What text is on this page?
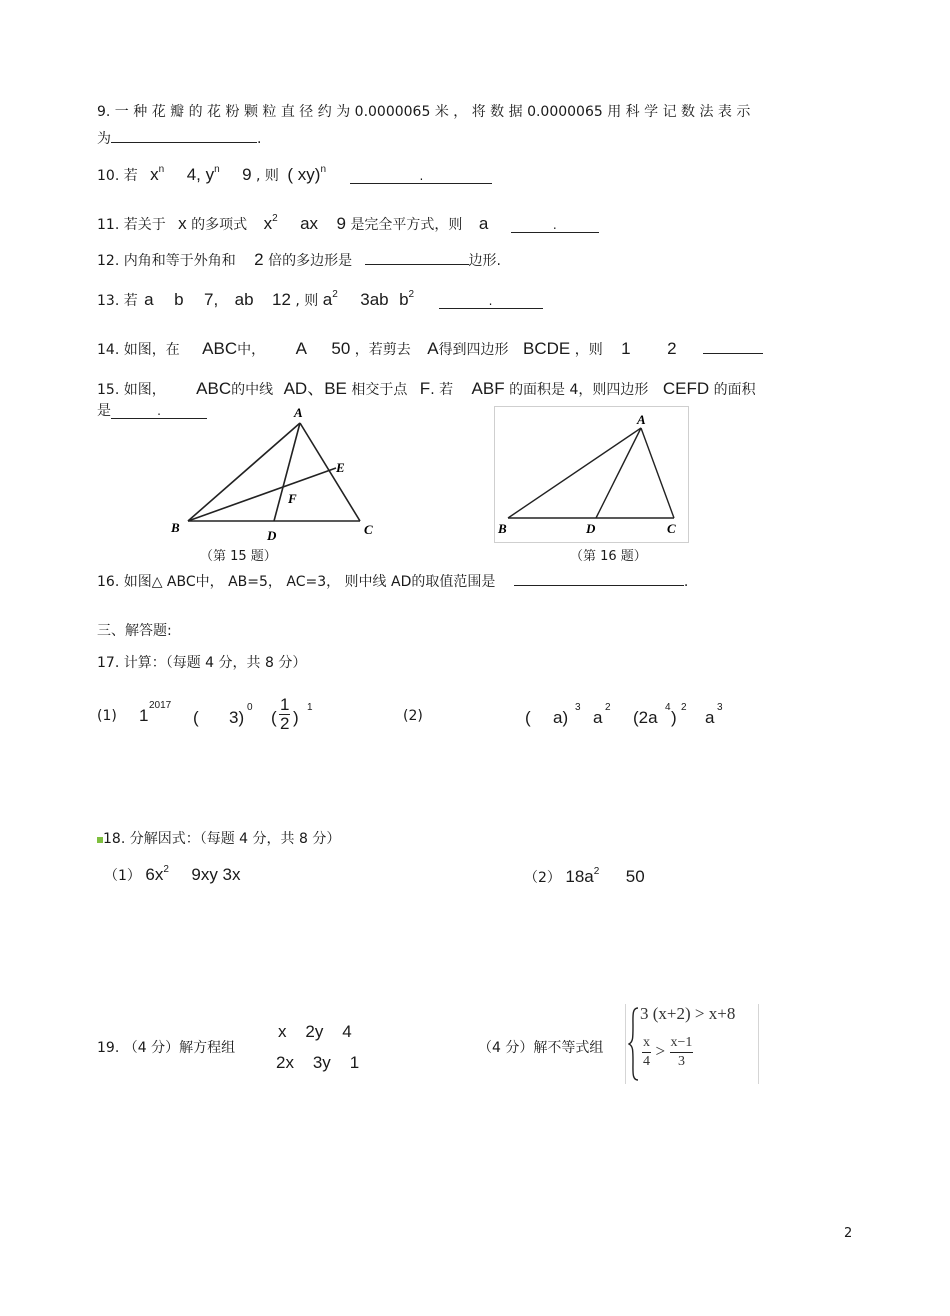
9. 一 种 花 瓣 的 花 粉 颗 粒 直 径 约 为 0.0000065 米 ， 将 数 据 0.0000065 用 科 学 记 数 法 表 示
为	.
10. 若 $x^n$ 4, $y^n$ 9 , 则 ( xy)$^n$	.
11. 若关于 x 的多项式 $x^2$ ax 9 是完全平方式，则 a	.
12. 内角和等于外角和 2 倍的多边形是	边形.
13. 若 a b 7, ab 12 , 则 $a^2$ 3ab $b^2$	.
14. 如图，在 ABC中， A 50 ，若剪去 A得到四边形 BCDE ，则 1 2
15. 如图， ABC的中线 AD、BE 相交于点 F. 若 ABF 的面积是 4，则四边形 CEFD 的面积
是	.	A
B	C
D
E
F
（第 15 题）
A
B	C
D
（第 16 题）
16. 如图△ ABC中， AB=5， AC=3， 则中线 AD的取值范围是	.
三、解答题:
17. 计算：（每题 4 分，共 8 分）
(1) 1
2017
( 3)
0
( $\frac{1}{2}$ )
1
(2)	( a)
3
a
2
(2a
4
)
2
a
3
18. 分解因式：（每题 4 分，共 8 分）
（1） $6x^2$ 9xy 3x	（2） $18a^2$ 50
19. （4 分）解方程组
x    2y    4
2x    3y    1
（4 分）解不等式组
3 (x+2) > x+8
$\frac{x}{4} > \frac{x-1}{3}$
2
